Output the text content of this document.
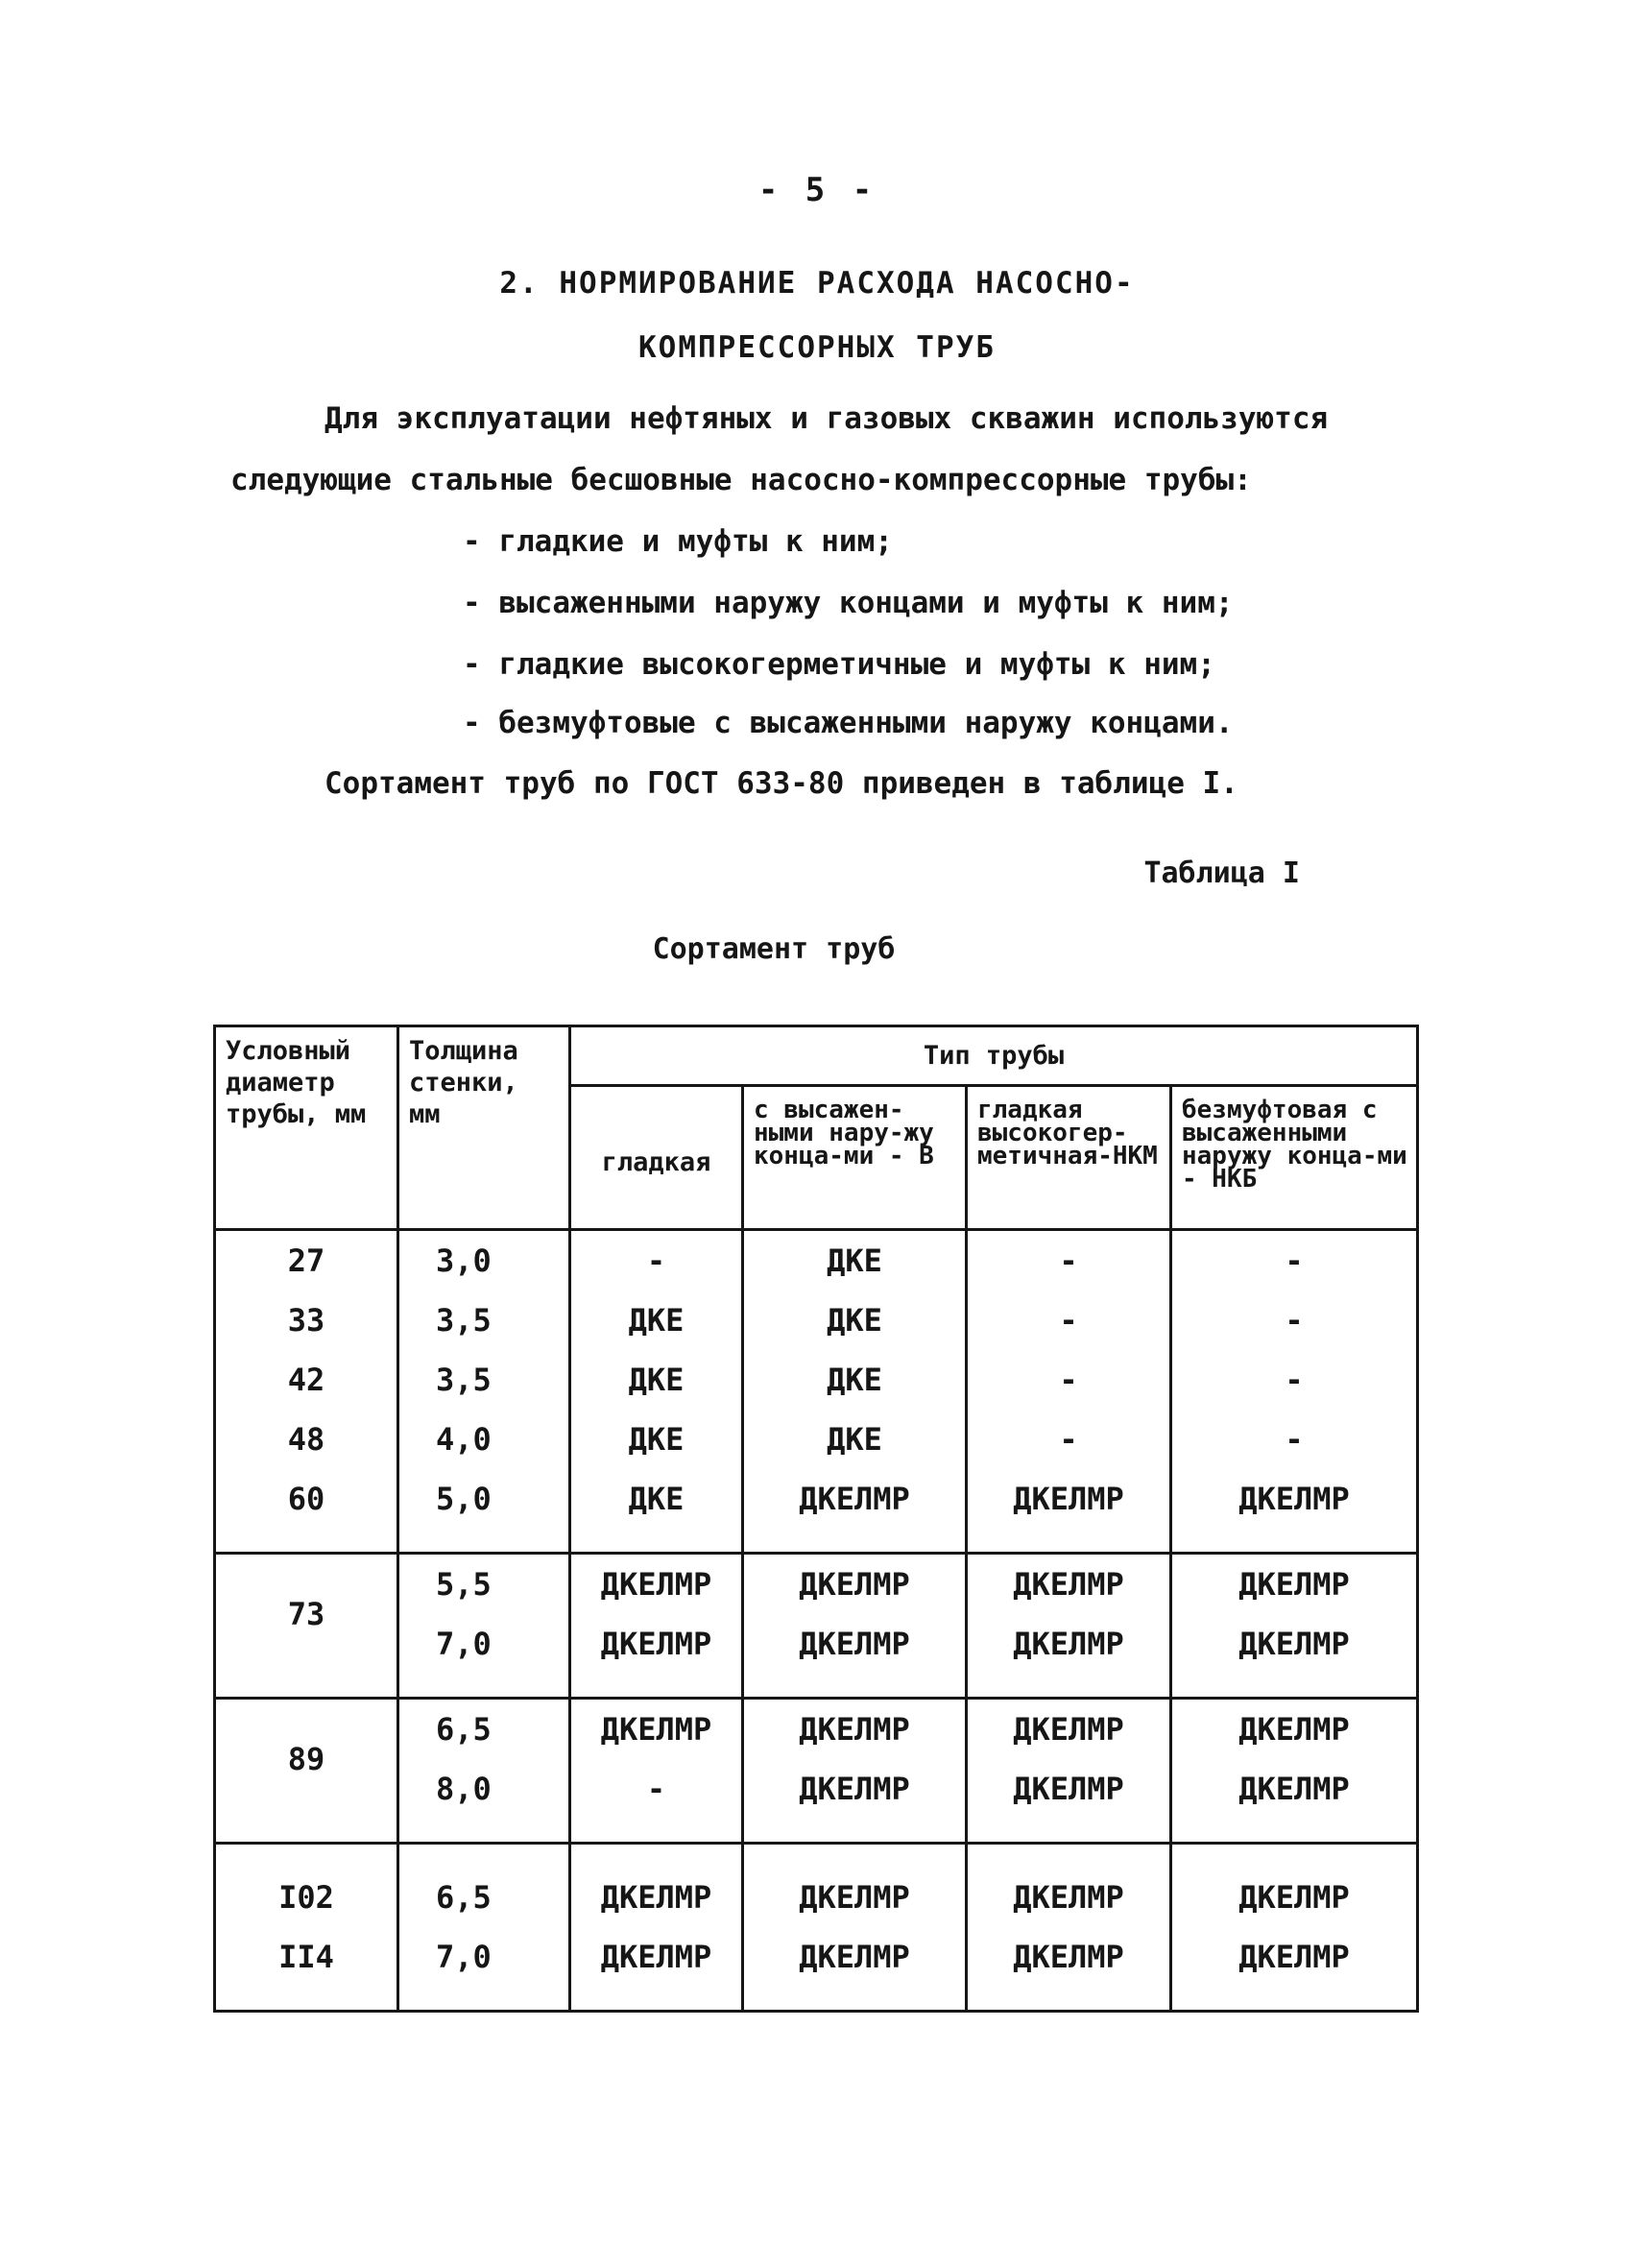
- 5 -
2. НОРМИРОВАНИЕ РАСХОДА НАСОСНО-
КОМПРЕССОРНЫХ ТРУБ
Для эксплуатации нефтяных и газовых скважин используются
следующие стальные бесшовные насосно-компрессорные трубы:
- гладкие и муфты к ним;
- высаженными наружу концами и муфты к ним;
- гладкие высокогерметичные и муфты к ним;
- безмуфтовые с высаженными наружу концами.
Сортамент труб по ГОСТ 633-80 приведен в таблице I.
Таблица I
Сортамент труб
Условный диаметр трубы, мм	Толщина стенки, мм	Тип трубы			
		гладкая	с высажен-ными нару-жу конца-ми - В	гладкая высокогер-метичная-НКМ	безмуфтовая с высаженными наружу конца-ми - НКБ
27	3,0	-	ДКЕ	-	-
33	3,5	ДКЕ	ДКЕ	-	-
42	3,5	ДКЕ	ДКЕ	-	-
48	4,0	ДКЕ	ДКЕ	-	-
60	5,0	ДКЕ	ДКЕЛМР	ДКЕЛМР	ДКЕЛМР

73	5,5	ДКЕЛМР	ДКЕЛМР	ДКЕЛМР	ДКЕЛМР
	7,0	ДКЕЛМР	ДКЕЛМР	ДКЕЛМР	ДКЕЛМР

89	6,5	ДКЕЛМР	ДКЕЛМР	ДКЕЛМР	ДКЕЛМР
	8,0	-	ДКЕЛМР	ДКЕЛМР	ДКЕЛМР

I02	6,5	ДКЕЛМР	ДКЕЛМР	ДКЕЛМР	ДКЕЛМР
II4	7,0	ДКЕЛМР	ДКЕЛМР	ДКЕЛМР	ДКЕЛМР
